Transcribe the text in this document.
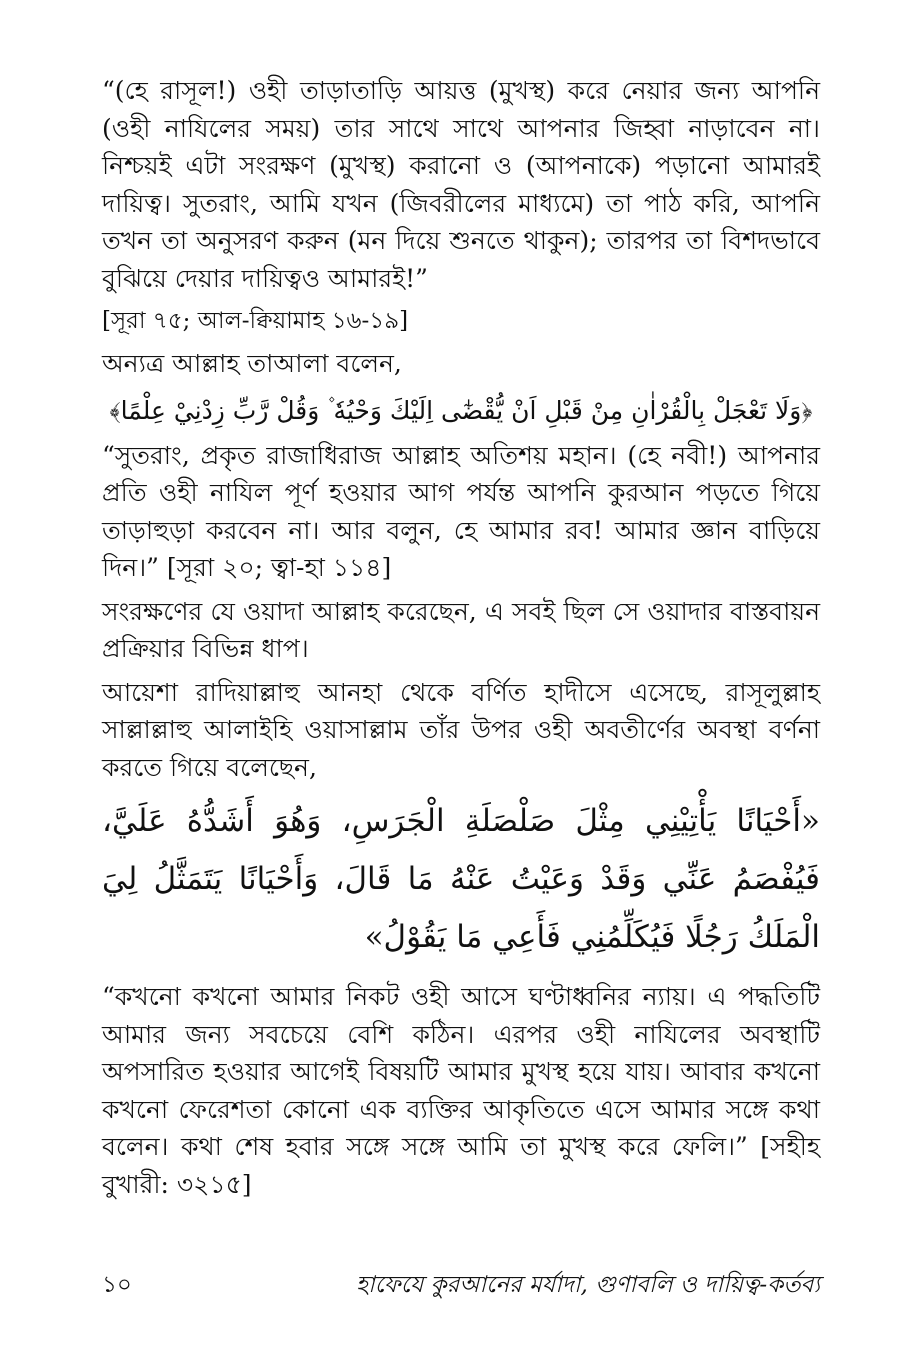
“(হে রাসূল!) ওহী তাড়াতাড়ি আয়ত্ত (মুখস্থ) করে নেয়ার জন্য আপনি (ওহী নাযিলের সময়) তার সাথে সাথে আপনার জিহ্বা নাড়াবেন না। নিশ্চয়ই এটা সংরক্ষণ (মুখস্থ) করানো ও (আপনাকে) পড়ানো আমারই দায়িত্ব। সুতরাং, আমি যখন (জিবরীলের মাধ্যমে) তা পাঠ করি, আপনি তখন তা অনুসরণ করুন (মন দিয়ে শুনতে থাকুন); তারপর তা বিশদভাবে বুঝিয়ে দেয়ার দায়িত্বও আমারই!”

[সূরা ৭৫; আল-ক্বিয়ামাহ ১৬-১৯]

অন্যত্র আল্লাহ তাআলা বলেন,

﴿وَلَا تَعْجَلْ بِالْقُرْاٰنِ مِنْ قَبْلِ اَنْ يُّقْضٰٓى اِلَيْكَ وَحْيُهٗ ۫ وَقُلْ رَّبِّ زِدْنِيْ عِلْمًا﴾

“সুতরাং, প্রকৃত রাজাধিরাজ আল্লাহ অতিশয় মহান। (হে নবী!) আপনার প্রতি ওহী নাযিল পূর্ণ হওয়ার আগ পর্যন্ত আপনি কুরআন পড়তে গিয়ে তাড়াহুড়া করবেন না। আর বলুন, হে আমার রব! আমার জ্ঞান বাড়িয়ে দিন।” [সূরা ২০; ত্বা-হা ১১৪]

সংরক্ষণের যে ওয়াদা আল্লাহ করেছেন, এ সবই ছিল সে ওয়াদার বাস্তবায়ন প্রক্রিয়ার বিভিন্ন ধাপ।

আয়েশা রাদিয়াল্লাহু আনহা থেকে বর্ণিত হাদীসে এসেছে, রাসূলুল্লাহ সাল্লাল্লাহু আলাইহি ওয়াসাল্লাম তাঁর উপর ওহী অবতীর্ণের অবস্থা বর্ণনা করতে গিয়ে বলেছেন,

«أَحْيَانًا يَأْتِيْنِي مِثْلَ صَلْصَلَةِ الْجَرَسِ، وَهُوَ أَشَدُّهُ عَلَيَّ، فَيُفْصَمُ عَنِّي وَقَدْ وَعَيْتُ عَنْهُ مَا قَالَ، وَأَحْيَانًا يَتَمَثَّلُ لِيَ الْمَلَكُ رَجُلًا فَيُكَلِّمُنِي فَأَعِي مَا يَقُوْلُ»

“কখনো কখনো আমার নিকট ওহী আসে ঘণ্টাধ্বনির ন্যায়। এ পদ্ধতিটি আমার জন্য সবচেয়ে বেশি কঠিন। এরপর ওহী নাযিলের অবস্থাটি অপসারিত হওয়ার আগেই বিষয়টি আমার মুখস্থ হয়ে যায়। আবার কখনো কখনো ফেরেশতা কোনো এক ব্যক্তির আকৃতিতে এসে আমার সঙ্গে কথা বলেন। কথা শেষ হবার সঙ্গে সঙ্গে আমি তা মুখস্থ করে ফেলি।” [সহীহ বুখারী: ৩২১৫]

১০	হাফেযে কুরআনের মর্যাদা, গুণাবলি ও দায়িত্ব-কর্তব্য
